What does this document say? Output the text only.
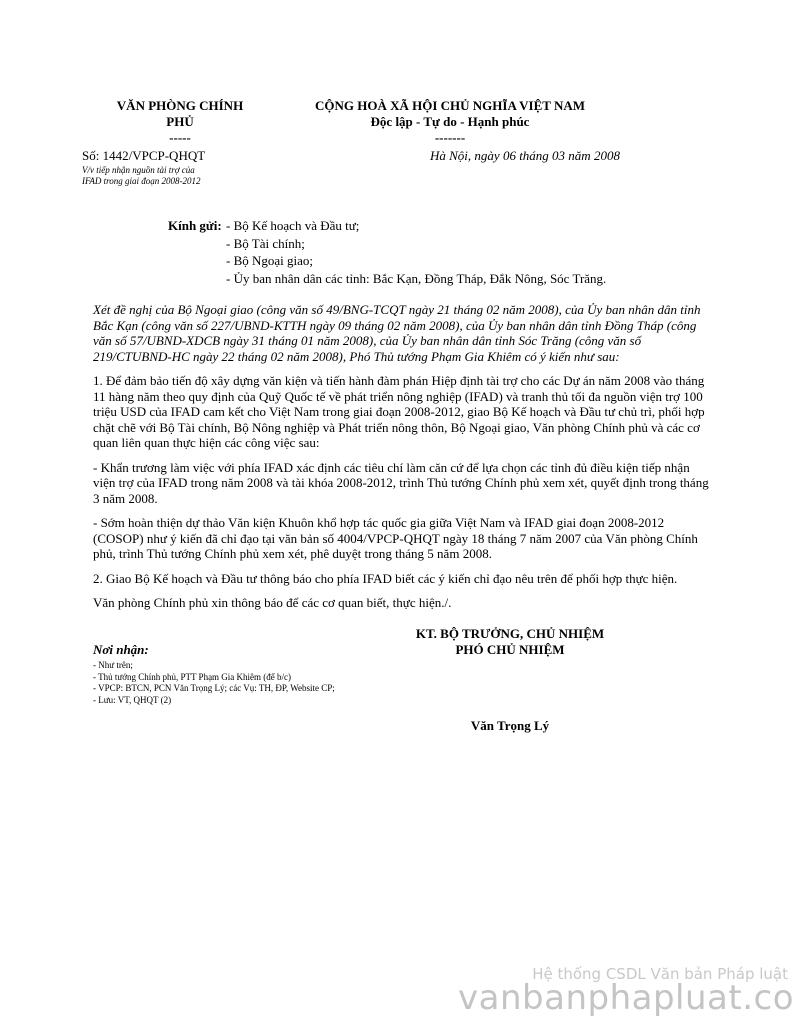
VĂN PHÒNG CHÍNH
PHỦ
-----
CỘNG HOÀ XÃ HỘI CHỦ NGHĨA VIỆT NAM
Độc lập - Tự do - Hạnh phúc
-------
Số: 1442/VPCP-QHQT
V/v tiếp nhận nguồn tài trợ của
IFAD trong giai đoạn 2008-2012
Hà Nội, ngày 06 tháng 03 năm 2008
Kính gửi: - Bộ Kế hoạch và Đầu tư;
- Bộ Tài chính;
- Bộ Ngoại giao;
- Ủy ban nhân dân các tỉnh: Bắc Kạn, Đồng Tháp, Đắk Nông, Sóc Trăng.

Xét đề nghị của Bộ Ngoại giao (công văn số 49/BNG-TCQT ngày 21 tháng 02 năm 2008), của Ủy ban nhân dân tỉnh Bắc Kạn (công văn số 227/UBND-KTTH ngày 09 tháng 02 năm 2008), của Ủy ban nhân dân tỉnh Đồng Tháp (công văn số 57/UBND-XDCB ngày 31 tháng 01 năm 2008), của Ủy ban nhân dân tỉnh Sóc Trăng (công văn số 219/CTUBND-HC ngày 22 tháng 02 năm 2008), Phó Thủ tướng Phạm Gia Khiêm có ý kiến như sau:

1. Để đảm bảo tiến độ xây dựng văn kiện và tiến hành đàm phán Hiệp định tài trợ cho các Dự án năm 2008 vào tháng 11 hàng năm theo quy định của Quỹ Quốc tế về phát triển nông nghiệp (IFAD) và tranh thủ tối đa nguồn viện trợ 100 triệu USD của IFAD cam kết cho Việt Nam trong giai đoạn 2008-2012, giao Bộ Kế hoạch và Đầu tư chủ trì, phối hợp chặt chẽ với Bộ Tài chính, Bộ Nông nghiệp và Phát triển nông thôn, Bộ Ngoại giao, Văn phòng Chính phủ và các cơ quan liên quan thực hiện các công việc sau:

- Khẩn trương làm việc với phía IFAD xác định các tiêu chí làm căn cứ để lựa chọn các tỉnh đủ điều kiện tiếp nhận viện trợ của IFAD trong năm 2008 và tài khóa 2008-2012, trình Thủ tướng Chính phủ xem xét, quyết định trong tháng 3 năm 2008.

- Sớm hoàn thiện dự thảo Văn kiện Khuôn khổ hợp tác quốc gia giữa Việt Nam và IFAD giai đoạn 2008-2012 (COSOP) như ý kiến đã chỉ đạo tại văn bản số 4004/VPCP-QHQT ngày 18 tháng 7 năm 2007 của Văn phòng Chính phủ, trình Thủ tướng Chính phủ xem xét, phê duyệt trong tháng 5 năm 2008.

2. Giao Bộ Kế hoạch và Đầu tư thông báo cho phía IFAD biết các ý kiến chỉ đạo nêu trên để phối hợp thực hiện.

Văn phòng Chính phủ xin thông báo để các cơ quan biết, thực hiện./.

KT. BỘ TRƯỞNG, CHỦ NHIỆM
PHÓ CHỦ NHIỆM
Văn Trọng Lý
Nơi nhận:
- Như trên;
- Thủ tướng Chính phủ, PTT Phạm Gia Khiêm (để b/c)
- VPCP: BTCN, PCN Văn Trọng Lý; các Vụ: TH, ĐP, Website CP;
- Lưu: VT, QHQT (2)
Hệ thống CSDL Văn bản Pháp luật
vanbanphapluat.co
